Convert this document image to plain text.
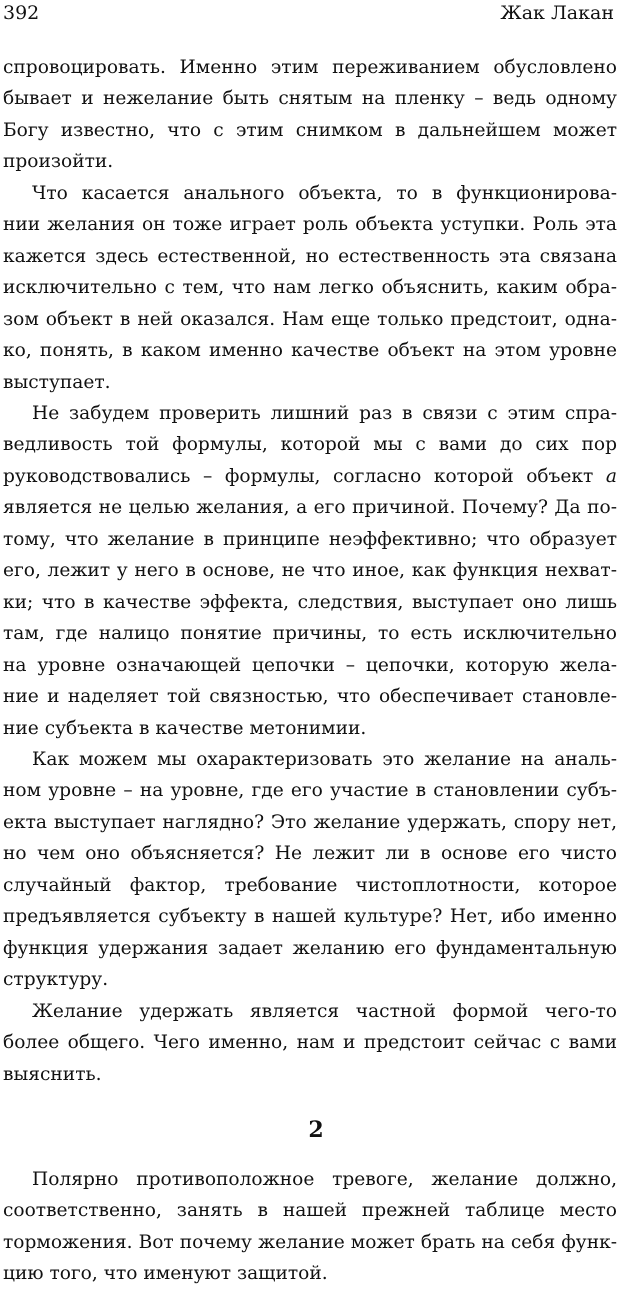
392	Жак Лакан

спровоцировать. Именно этим переживанием обусловлено
бывает и нежелание быть снятым на пленку – ведь одному
Богу известно, что с этим снимком в дальнейшем может
произойти.

Что касается анального объекта, то в функционирова-
нии желания он тоже играет роль объекта уступки. Роль эта
кажется здесь естественной, но естественность эта связана
исключительно с тем, что нам легко объяснить, каким обра-
зом объект в ней оказался. Нам еще только предстоит, одна-
ко, понять, в каком именно качестве объект на этом уровне
выступает.

Не забудем проверить лишний раз в связи с этим спра-
ведливость той формулы, которой мы с вами до сих пор
руководствовались – формулы, согласно которой объект a
является не целью желания, а его причиной. Почему? Да по-
тому, что желание в принципе неэффективно; что образует
его, лежит у него в основе, не что иное, как функция нехват-
ки; что в качестве эффекта, следствия, выступает оно лишь
там, где налицо понятие причины, то есть исключительно
на уровне означающей цепочки – цепочки, которую жела-
ние и наделяет той связностью, что обеспечивает становле-
ние субъекта в качестве метонимии.

Как можем мы охарактеризовать это желание на аналь-
ном уровне – на уровне, где его участие в становлении субъ-
екта выступает наглядно? Это желание удержать, спору нет,
но чем оно объясняется? Не лежит ли в основе его чисто
случайный фактор, требование чистоплотности, которое
предъявляется субъекту в нашей культуре? Нет, ибо именно
функция удержания задает желанию его фундаментальную
структуру.

Желание удержать является частной формой чего-то
более общего. Чего именно, нам и предстоит сейчас с вами
выяснить.

2

Полярно противоположное тревоге, желание должно,
соответственно, занять в нашей прежней таблице место
торможения. Вот почему желание может брать на себя функ-
цию того, что именуют защитой.
